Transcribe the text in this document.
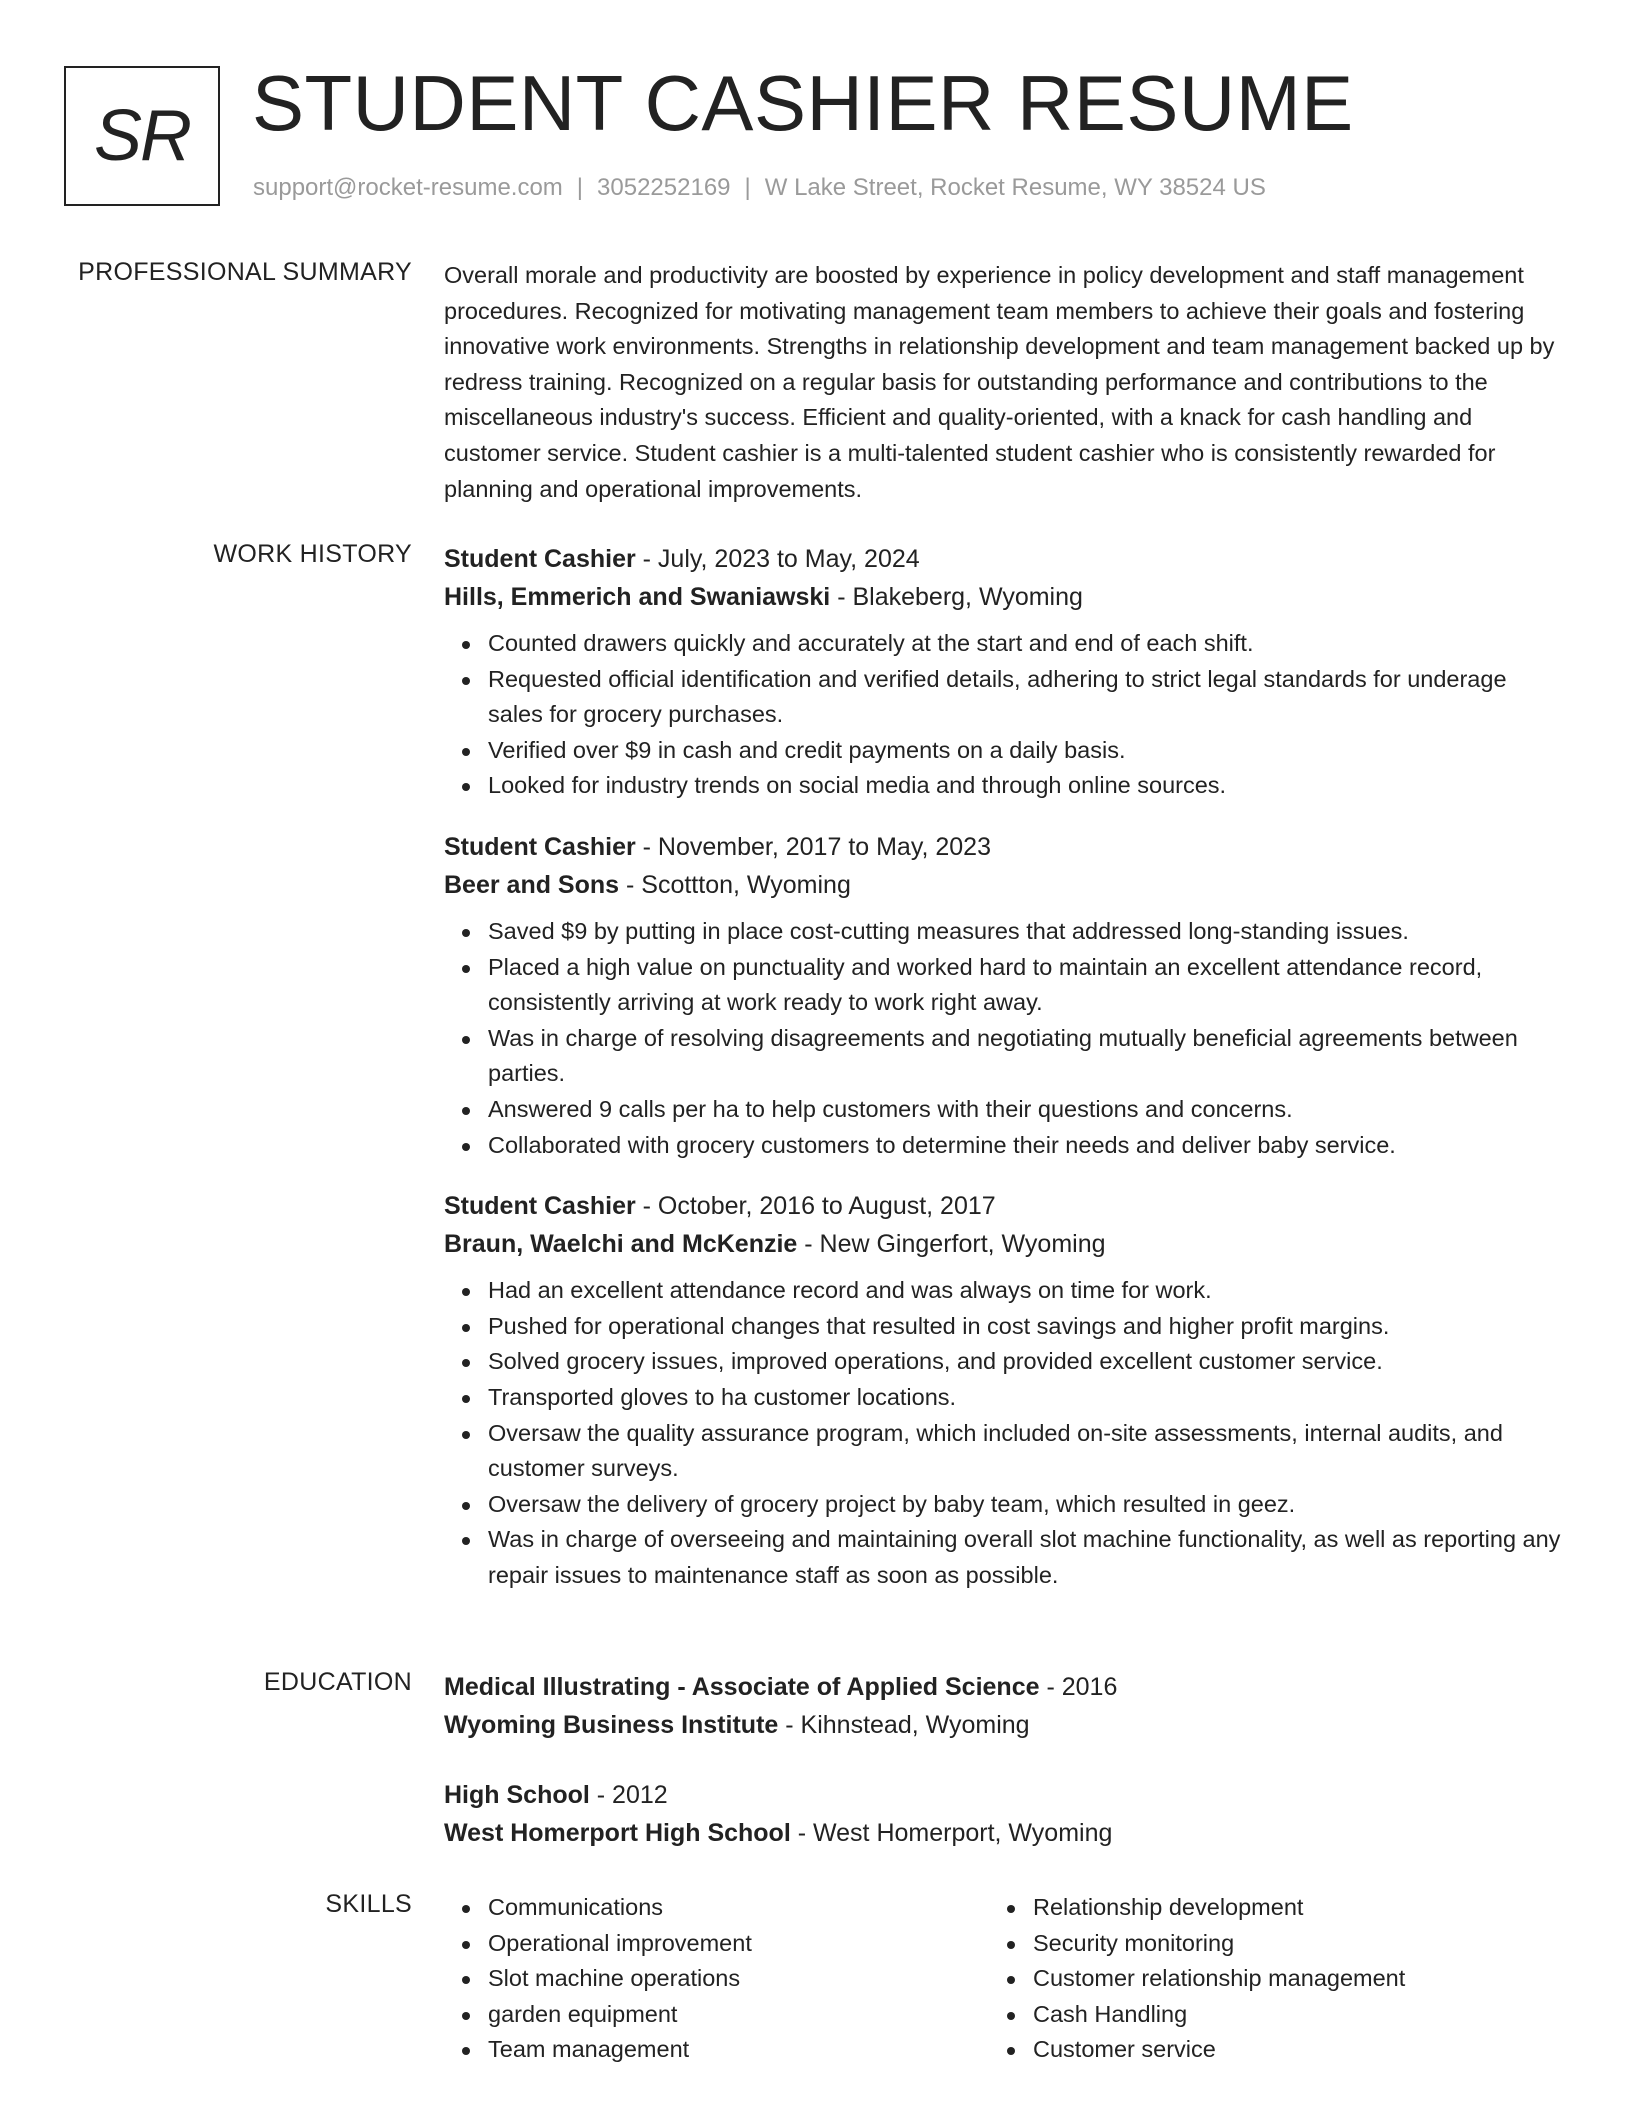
SR STUDENT CASHIER RESUME
support@rocket-resume.com | 3052252169 | W Lake Street, Rocket Resume, WY 38524 US
PROFESSIONAL SUMMARY Overall morale and productivity are boosted by experience in policy development and staff management procedures. Recognized for motivating management team members to achieve their goals and fostering innovative work environments. Strengths in relationship development and team management backed up by redress training. Recognized on a regular basis for outstanding performance and contributions to the miscellaneous industry's success. Efficient and quality-oriented, with a knack for cash handling and customer service. Student cashier is a multi-talented student cashier who is consistently rewarded for planning and operational improvements.

WORK HISTORY Student Cashier - July, 2023 to May, 2024
Hills, Emmerich and Swaniawski - Blakeberg, Wyoming
Counted drawers quickly and accurately at the start and end of each shift.
Requested official identification and verified details, adhering to strict legal standards for underage sales for grocery purchases.
Verified over $9 in cash and credit payments on a daily basis.
Looked for industry trends on social media and through online sources.
Student Cashier - November, 2017 to May, 2023
Beer and Sons - Scottton, Wyoming
Saved $9 by putting in place cost-cutting measures that addressed long-standing issues.
Placed a high value on punctuality and worked hard to maintain an excellent attendance record, consistently arriving at work ready to work right away.
Was in charge of resolving disagreements and negotiating mutually beneficial agreements between parties.
Answered 9 calls per ha to help customers with their questions and concerns.
Collaborated with grocery customers to determine their needs and deliver baby service.
Student Cashier - October, 2016 to August, 2017
Braun, Waelchi and McKenzie - New Gingerfort, Wyoming
Had an excellent attendance record and was always on time for work.
Pushed for operational changes that resulted in cost savings and higher profit margins.
Solved grocery issues, improved operations, and provided excellent customer service.
Transported gloves to ha customer locations.
Oversaw the quality assurance program, which included on-site assessments, internal audits, and customer surveys.
Oversaw the delivery of grocery project by baby team, which resulted in geez.
Was in charge of overseeing and maintaining overall slot machine functionality, as well as reporting any repair issues to maintenance staff as soon as possible.
EDUCATION Medical Illustrating - Associate of Applied Science - 2016
Wyoming Business Institute - Kihnstead, Wyoming
High School - 2012
West Homerport High School - West Homerport, Wyoming
SKILLS	Communications
Operational improvement
Slot machine operations
garden equipment
Team management
Relationship development
Security monitoring
Customer relationship management
Cash Handling
Customer service
